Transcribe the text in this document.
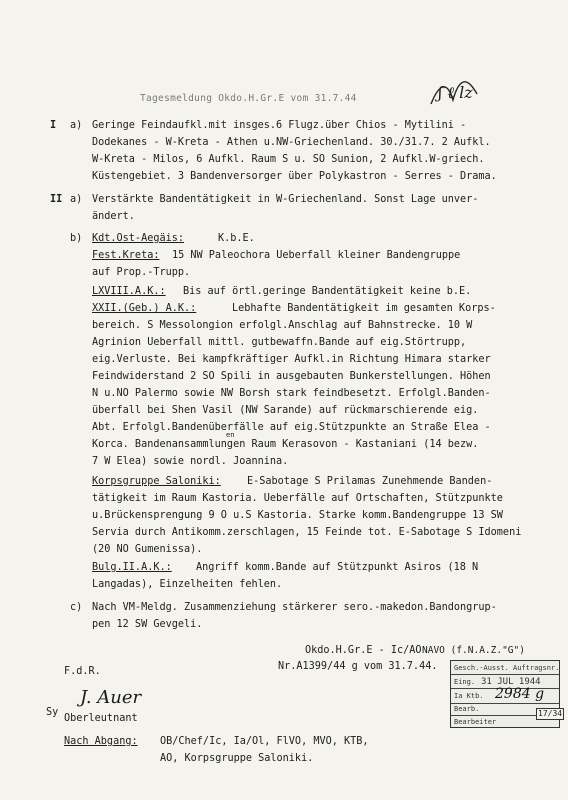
Tagesmeldung Okdo.H.Gr.E vom 31.7.44	ʃ ℓ lz
I a) Geringe Feindaufkl.mit insges.6 Flugz.über Chios - Mytilini -
Dodekanes - W-Kreta - Athen u.NW-Griechenland. 30./31.7. 2 Aufkl.
W-Kreta - Milos, 6 Aufkl. Raum S u. SO Sunion, 2 Aufkl.W-griech.
Küstengebiet. 3 Bandenversorger über Polykastron - Serres - Drama.
II a) Verstärkte Bandentätigkeit in W-Griechenland. Sonst Lage unver-
ändert.
b) Kdt.Ost-Aegäis:	K.b.E.
Fest.Kreta: 15 NW Paleochora Ueberfall kleiner Bandengruppe
auf Prop.-Trupp.
LXVIII.A.K.: Bis auf örtl.geringe Bandentätigkeit keine b.E.
XXII.(Geb.) A.K.:	Lebhafte Bandentätigkeit im gesamten Korps-
bereich. S Messolongion erfolgl.Anschlag auf Bahnstrecke. 10 W
Agrinion Ueberfall mittl. gutbewaffn.Bande auf eig.Störtrupp,
eig.Verluste. Bei kampfkräftiger Aufkl.in Richtung Himara starker
Feindwiderstand 2 SO Spili in ausgebauten Bunkerstellungen. Höhen
N u.NO Palermo sowie NW Borsh stark feindbesetzt. Erfolgl.Banden-
überfall bei Shen Vasil (NW Sarande) auf rückmarschierende eig.
Abt. Erfolgl.Bandenüberfälle auf eig.Stützpunkte an Straße Elea -
en
Korca. Bandenansammlungen Raum Kerasovon - Kastaniani (14 bezw.
7 W Elea) sowie nordl. Joannina.
Korpsgruppe Saloniki:	E-Sabotage S Prilamas Zunehmende Banden-
tätigkeit im Raum Kastoria. Ueberfälle auf Ortschaften, Stützpunkte
u.Brückensprengung 9 O u.S Kastoria. Starke komm.Bandengruppe 13 SW
Servia durch Antikomm.zerschlagen, 15 Feinde tot. E-Sabotage S Idomeni
(20 NO Gumenissa).
Bulg.II.A.K.: Angriff komm.Bande auf Stützpunkt Asiros (18 N
Langadas), Einzelheiten fehlen.
c) Nach VM-Meldg. Zusammenziehung stärkerer sero.-makedon.Bandongrup-
pen 12 SW Gevgeli.
Okdo.H.Gr.E - Ic/AO
Nr.A1399/44 g vom 31.7.44.
F.d.R.
J. Auer
Oberleutnant
Nach Abgang: OB/Chef/Ic, Ia/Ol, FlVO, MVO, KTB,
AO, Korpsgruppe Saloniki.
NAVO (f.N.A.Z."G")
Gesch.-Ausst. Auftragsnr.
Eing. 31 JUL 1944
Ia Ktb. 2984 g
Bearb.
Bearbeiter
17/34
Sy
